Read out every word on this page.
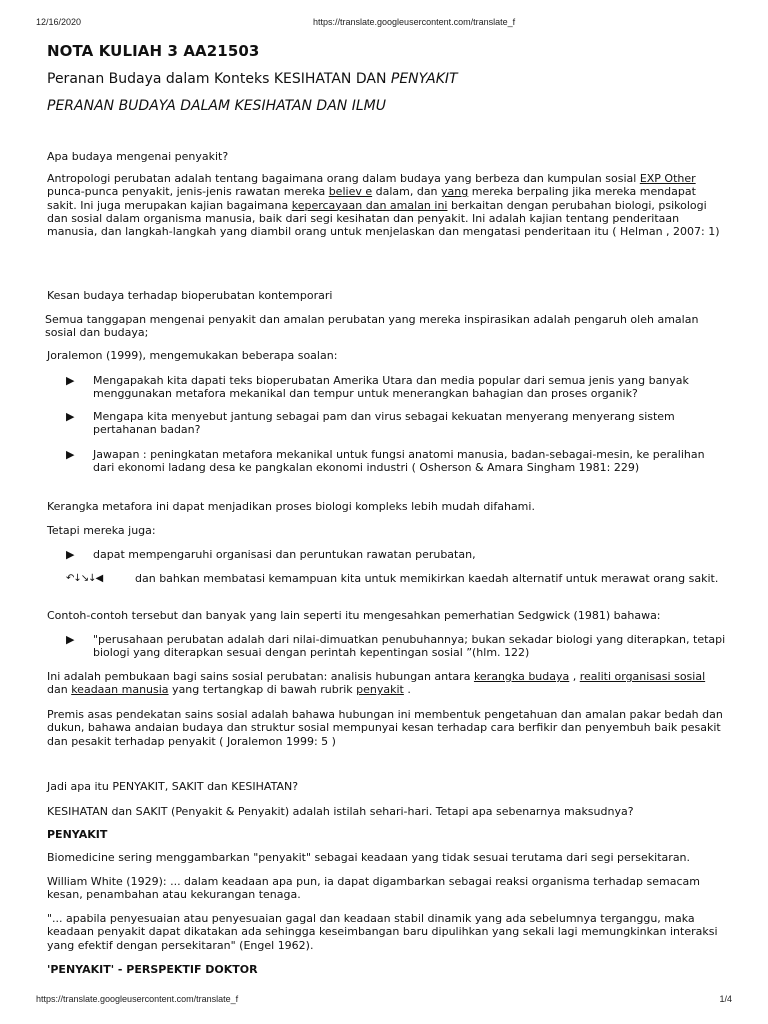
12/16/2020	https://translate.googleusercontent.com/translate_f
NOTA KULIAH 3 AA21503
Peranan Budaya dalam Konteks KESIHATAN DAN PENYAKIT
PERANAN BUDAYA DALAM KESIHATAN DAN ILMU
Apa budaya mengenai penyakit?
Antropologi perubatan adalah tentang bagaimana orang dalam budaya yang berbeza dan kumpulan sosial EXP Other punca-punca penyakit, jenis-jenis rawatan mereka believ e dalam, dan yang mereka berpaling jika mereka mendapat sakit. Ini juga merupakan kajian bagaimana kepercayaan dan amalan ini berkaitan dengan perubahan biologi, psikologi dan sosial dalam organisma manusia, baik dari segi kesihatan dan penyakit. Ini adalah kajian tentang penderitaan manusia, dan langkah-langkah yang diambil orang untuk menjelaskan dan mengatasi penderitaan itu ( Helman , 2007: 1)
Kesan budaya terhadap bioperubatan kontemporari
Semua tanggapan mengenai penyakit dan amalan perubatan yang mereka inspirasikan adalah pengaruh oleh amalan sosial dan budaya;
Joralemon (1999), mengemukakan beberapa soalan:
▶	Mengapakah kita dapati teks bioperubatan Amerika Utara dan media popular dari semua jenis yang banyak menggunakan metafora mekanikal dan tempur untuk menerangkan bahagian dan proses organik?
▶	Mengapa kita menyebut jantung sebagai pam dan virus sebagai kekuatan menyerang menyerang sistem pertahanan badan?
▶	Jawapan : peningkatan metafora mekanikal untuk fungsi anatomi manusia, badan-sebagai-mesin, ke peralihan dari ekonomi ladang desa ke pangkalan ekonomi industri ( Osherson & Amara Singham 1981: 229)
Kerangka metafora ini dapat menjadikan proses biologi kompleks lebih mudah difahami.
Tetapi mereka juga:
▶	dapat mempengaruhi organisasi dan peruntukan rawatan perubatan,
↶↓↘↓◀	dan bahkan membatasi kemampuan kita untuk memikirkan kaedah alternatif untuk merawat orang sakit.
Contoh-contoh tersebut dan banyak yang lain seperti itu mengesahkan pemerhatian Sedgwick (1981) bahawa:
▶	"perusahaan perubatan adalah dari nilai-dimuatkan penubuhannya; bukan sekadar biologi yang diterapkan, tetapi biologi yang diterapkan sesuai dengan perintah kepentingan sosial ”(hlm. 122)
Ini adalah pembukaan bagi sains sosial perubatan: analisis hubungan antara kerangka budaya , realiti organisasi sosial dan keadaan manusia yang tertangkap di bawah rubrik penyakit .
Premis asas pendekatan sains sosial adalah bahawa hubungan ini membentuk pengetahuan dan amalan pakar bedah dan dukun, bahawa andaian budaya dan struktur sosial mempunyai kesan terhadap cara berfikir dan penyembuh baik pesakit dan pesakit terhadap penyakit ( Joralemon 1999: 5 )
Jadi apa itu PENYAKIT, SAKIT dan KESIHATAN?
KESIHATAN dan SAKIT (Penyakit & Penyakit) adalah istilah sehari-hari. Tetapi apa sebenarnya maksudnya?
PENYAKIT
Biomedicine sering menggambarkan "penyakit" sebagai keadaan yang tidak sesuai terutama dari segi persekitaran.
William White (1929): ... dalam keadaan apa pun, ia dapat digambarkan sebagai reaksi organisma terhadap semacam kesan, penambahan atau kekurangan tenaga.
"... apabila penyesuaian atau penyesuaian gagal dan keadaan stabil dinamik yang ada sebelumnya terganggu, maka keadaan penyakit dapat dikatakan ada sehingga keseimbangan baru dipulihkan yang sekali lagi memungkinkan interaksi yang efektif dengan persekitaran" (Engel 1962).
'PENYAKIT' - PERSPEKTIF DOKTOR
https://translate.googleusercontent.com/translate_f	1/4
